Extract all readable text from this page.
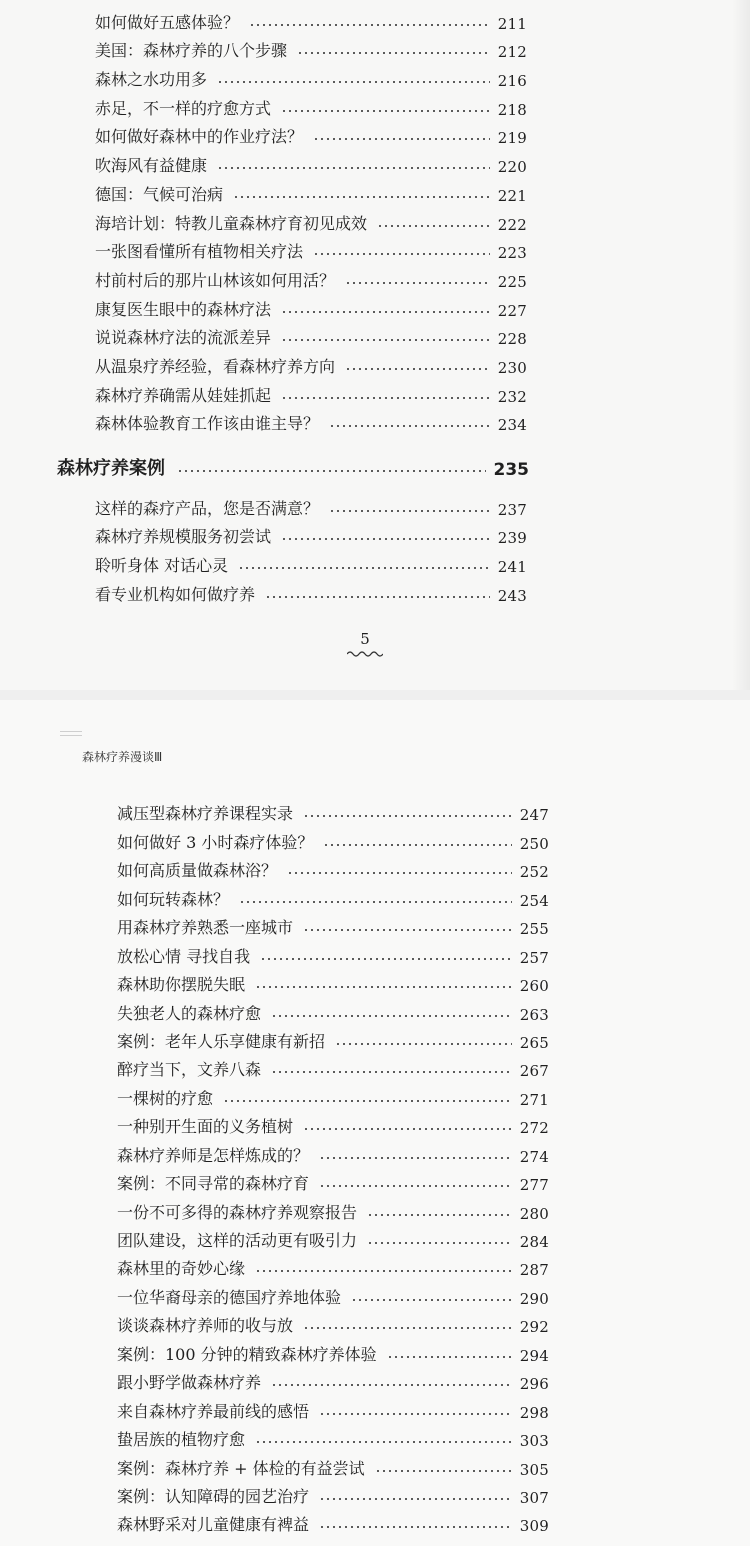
如何做好五感体验？	211
美国：森林疗养的八个步骤	212
森林之水功用多	216
赤足，不一样的疗愈方式	218
如何做好森林中的作业疗法？	219
吹海风有益健康	220
德国：气候可治病	221
海培计划：特教儿童森林疗育初见成效	222
一张图看懂所有植物相关疗法	223
村前村后的那片山林该如何用活？	225
康复医生眼中的森林疗法	227
说说森林疗法的流派差异	228
从温泉疗养经验，看森林疗养方向	230
森林疗养确需从娃娃抓起	232
森林体验教育工作该由谁主导？	234
森林疗养案例	235
这样的森疗产品，您是否满意？	237
森林疗养规模服务初尝试	239
聆听身体 对话心灵	241
看专业机构如何做疗养	243
5
森林疗养漫谈Ⅲ
减压型森林疗养课程实录	247
如何做好 3 小时森疗体验？	250
如何高质量做森林浴？	252
如何玩转森林？	254
用森林疗养熟悉一座城市	255
放松心情 寻找自我	257
森林助你摆脱失眠	260
失独老人的森林疗愈	263
案例：老年人乐享健康有新招	265
醉疗当下，文养八森	267
一棵树的疗愈	271
一种别开生面的义务植树	272
森林疗养师是怎样炼成的？	274
案例：不同寻常的森林疗育	277
一份不可多得的森林疗养观察报告	280
团队建设，这样的活动更有吸引力	284
森林里的奇妙心缘	287
一位华裔母亲的德国疗养地体验	290
谈谈森林疗养师的收与放	292
案例：100 分钟的精致森林疗养体验	294
跟小野学做森林疗养	296
来自森林疗养最前线的感悟	298
蛰居族的植物疗愈	303
案例：森林疗养 + 体检的有益尝试	305
案例：认知障碍的园艺治疗	307
森林野采对儿童健康有裨益	309
